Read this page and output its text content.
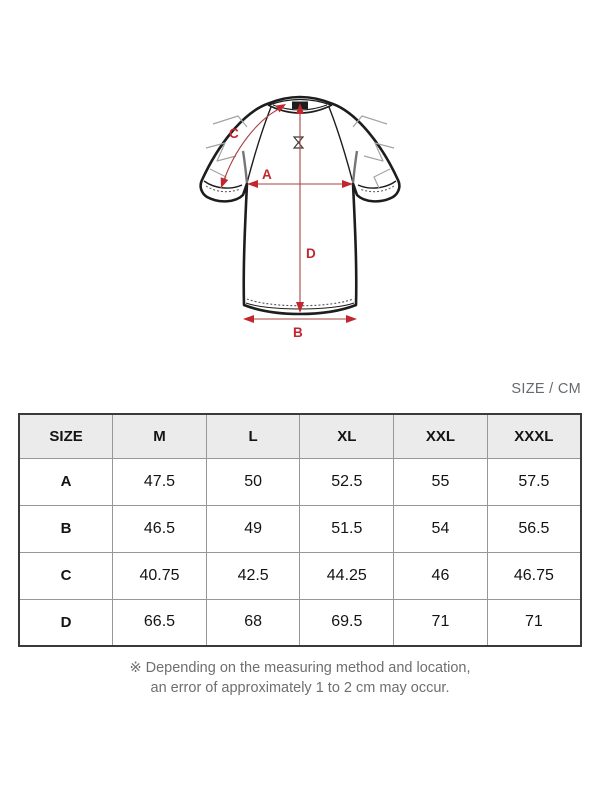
A
D
C
B
SIZE / CM
SIZE	M	L	XL	XXL	XXXL
A	47.5	50	52.5	55	57.5
B	46.5	49	51.5	54	56.5
C	40.75	42.5	44.25	46	46.75
D	66.5	68	69.5	71	71
※ Depending on the measuring method and location,
an error of approximately 1 to 2 cm may occur.
